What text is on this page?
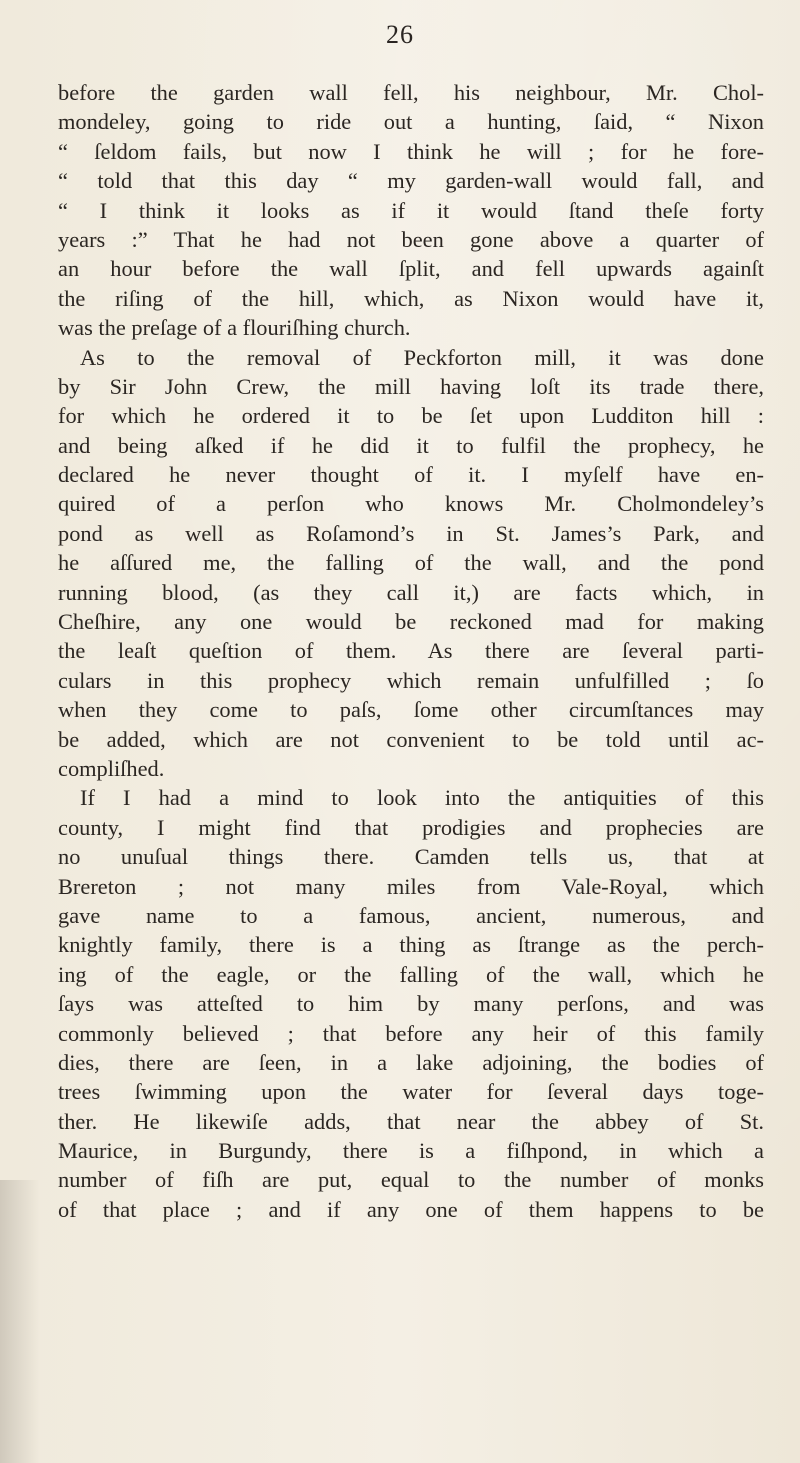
26
before the garden wall fell, his neighbour, Mr. Chol-
mondeley, going to ride out a hunting, ſaid, “ Nixon
“ ſeldom fails, but now I think he will ; for he fore-
“ told that this day “ my garden-wall would fall, and
“ I think it looks as if it would ſtand theſe forty
years :” That he had not been gone above a quarter of
an hour before the wall ſplit, and fell upwards againſt
the riſing of the hill, which, as Nixon would have it,
was the preſage of a flouriſhing church.
As to the removal of Peckforton mill, it was done
by Sir John Crew, the mill having loſt its trade there,
for which he ordered it to be ſet upon Ludditon hill :
and being aſked if he did it to fulfil the prophecy, he
declared he never thought of it. I myſelf have en-
quired of a perſon who knows Mr. Cholmondeley’s
pond as well as Roſamond’s in St. James’s Park, and
he aſſured me, the falling of the wall, and the pond
running blood, (as they call it,) are facts which, in
Cheſhire, any one would be reckoned mad for making
the leaſt queſtion of them. As there are ſeveral parti-
culars in this prophecy which remain unfulfilled ; ſo
when they come to paſs, ſome other circumſtances may
be added, which are not convenient to be told until ac-
compliſhed.
If I had a mind to look into the antiquities of this
county, I might find that prodigies and prophecies are
no unuſual things there. Camden tells us, that at
Brereton ; not many miles from Vale-Royal, which
gave name to a famous, ancient, numerous, and
knightly family, there is a thing as ſtrange as the perch-
ing of the eagle, or the falling of the wall, which he
ſays was atteſted to him by many perſons, and was
commonly believed ; that before any heir of this family
dies, there are ſeen, in a lake adjoining, the bodies of
trees ſwimming upon the water for ſeveral days toge-
ther. He likewiſe adds, that near the abbey of St.
Maurice, in Burgundy, there is a fiſhpond, in which a
number of fiſh are put, equal to the number of monks
of that place ; and if any one of them happens to be
